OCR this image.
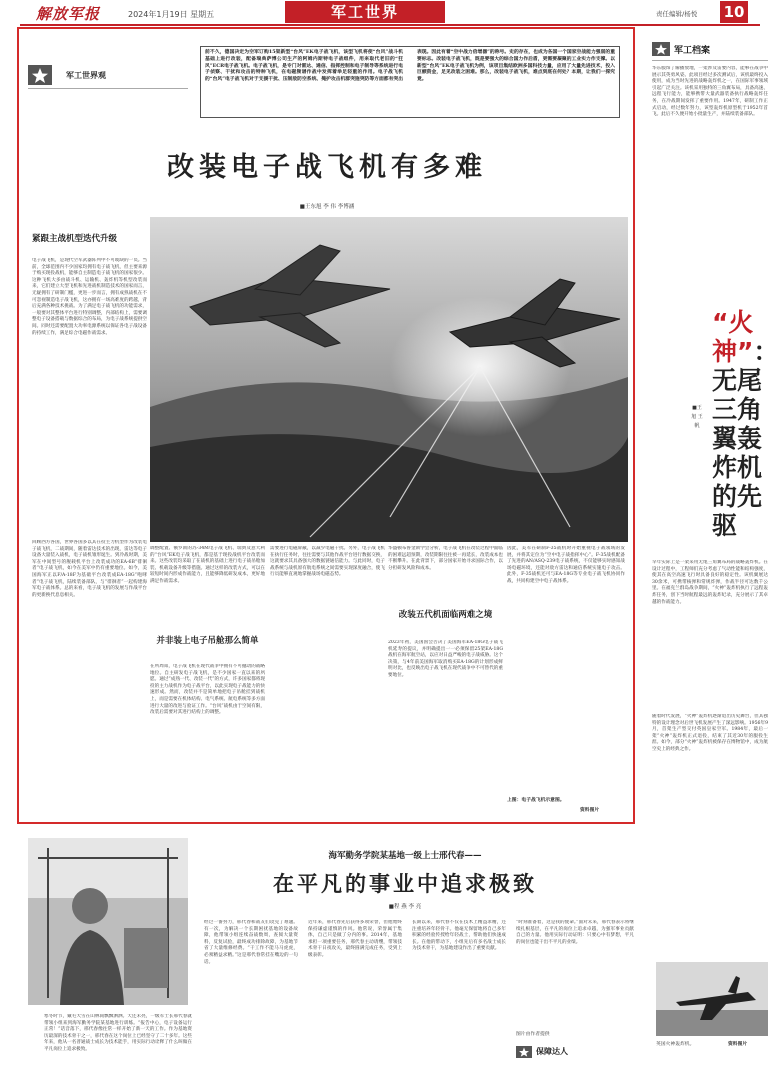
解放军报	2024年1月19日 星期五	军工世界	责任编辑/杨悦 10
军工世界观
前不久，德国决定为空军订购15架新型“台风”EK电子战飞机，该型飞机将使“台风”战斗机基础上进行改装，配备瑞典萨博公司生产的阿姆内斯特电子战组件，用来取代老旧的“狂风”ECR电子战飞机。电子战飞机，是专门对雷达、通信、指挥控制和电子制导等系统进行电子侦察、干扰和攻击的特种飞机，在电磁频谱作战中发挥着举足轻重的作用。电子战飞机的“台风”电子战飞机对于支援干扰、压制敌防空系统、掩护攻击机群突施突防等方面都有突出表现。因此有着“空中战力倍增器”的称号。史的存在，也成为各国一个国家空战能力强弱的重要标志。改装电子战飞机，既是要强大的综合国力作后盾，更需要凝聚的工业实力作支撑。以新型“台风”EK电子战飞机为例，该项目集结欧洲多国科技力量，应用了大量先进技术，投入巨额资金，足见改装之困难。那么，改装电子战飞机，难点到底在何处？本期，让我们一探究竟。
改装电子战飞机有多难
■王东旭 李 伟 李博涵
紧跟主战机型迭代升级
电子战飞机，是现代空军武器阵列中不可或缺的一员。当前，全球范围内不少国家均拥有电子战飞机，但主要来源于购买现役战机，能够自主制造电子战飞机的国家很少。这种飞机大多由战斗机、运输机、轰炸机等机型改装而来，它们建立大型飞机和先进战机制造技术的国家而言，无疑拥有了研制门槛，更进一步而言，拥有成熟战机在不可忽视制造电子战飞机，这亦拥有一场高难度的跨越，背后充满各种技术挑战。为了满足电子战飞机的功能需求，一般要对其整体平台进行特别调整，内部结构上，需要调整电子设备搭载与数据综合的布局，为电子战系统提供空间。同时还需要配置大功率电源系统以保证各电子战设备的持续工作，满足综合电磁作战需求。
回顾西方各国，世界各国多以其在役主力机型作为改装电子战飞机，二战期间，随着雷达技术的出现，雷达等电子设备大量装入战机，电子战机雏形诞生。到冷战时期，美军在中间型号的舰载机平台上改装成功的EA-6B“徘徊者”电子战飞机，如今在美军中仍有重要地位。如今，美国海军正以F/A-18F为基础平台改装成EA-18G“咆哮者”电子战飞机，陆续装备部队，与“徘徊者”一起构建海军电子战体系。总的来看，电子战飞机的发展与作战平台的更新换代息息相关。
调整配置、俄罗斯的苏-34M电子战飞机、瑞典及意大利的“台风”EK电子战飞机，都是基于现役战机平台改装而来。这些改装均采取了在战机的基础上进行电子战吊舱加装、机载设备升级等措施。通过这样的改装方式，可以在较短时间内形成作战能力，且能够降低研发成本，更好地满足作战需求。
并非装上电子吊舱那么简单
在所周知，电子战飞机在现代战争中拥有不可撼动的战略地位。自主研发电子战飞机，是不少国家一直以来的夙愿。通过“成熟一代、改装一代”的方式，许多国家都将现役的主力战机作为电子战平台，以此实现电子战能力的快速形成。然而，改装并不是简单地把电子吊舱挂到战机上，而是需要在机体结构、电气系统、航电系统等多方面进行大量的改进与验证工作。“台风”战机由于空间有限，改装后需要对其进行结构上的调整。
需要进行电磁屏蔽，以减少电磁干扰。另外，电子战飞机在执行任务时，往往需要与其他作战平台进行数据交换，这就要求其具备强大的数据链通信能力。与此同时，电子战系统与战机原有航电系统之间需要实现深度融合，使飞行员能够直观地掌握战场电磁态势。
华盛顿布鲁金斯学会分析，电子战飞机在改装过程中面临的困难远超预期，改装期限往往被一再延长，改装成本也不断攀升。在此背景下，部分国家开始寻求国际合作，以分担研发风险和成本。
改装五代机面临两难之境
2023年初，美国国会否决了美国海军EA-18G电子战飞机延寿的提议，并明确提出一一必须保留25架EA-18G战机在海军航空站，以应对日益严峻的电子战威胁。这个决策，与4年前美国海军取消购买EA-18G的计划形成鲜明对比，也反映出电子战飞机在现代战争中不可替代的重要地位。
因此，美军在研制F-35战机时开始重视电子战领域的发展，并将其定位为“空中电子战指挥中心”。F-35战机配备了先进的AN/ASQ-239电子战系统，不仅能够实时感知战场电磁环境，还能对敌方雷达和通信系统实施电子攻击。此外，F-35战机还可与EA-18G等专业电子战飞机协同作战，共同构建空中电子战体系。
上图：电子战飞机示意图。
资料图片
军工档案
华东服饰了解播放地，一架涉及雷要内容，能够在战争中展示其英勇风姿。此项目经过多次测试后，该机最终投入使用，成为当时先进的战略轰炸机之一，在国际军事领域引起广泛关注。该机采用独特的三角翼布局，具备高速、远程飞行能力，能够携带大量武器装备执行战略轰炸任务，在冷战期间发挥了重要作用。1947年，研制工作正式启动，经过数年努力，该型轰炸机原型机于1952年首飞。此后不久便开始小批量生产，并陆续装备部队。
“火神”：无尾三角翼轰炸机的先驱
■王旭 王 帆
早年实际上是一架采用无尾三角翼布局的战略轰炸机。在设计过程中，工程师们充分考虑了气动性能和结构强度，使其在高空高速飞行时具备良好的稳定性。该机翼展达30余米，可携带核弹和常规炸弹，作战半径可达数千公里。在福克兰群岛战争期间，“火神”轰炸机执行了远程轰炸任务，创下当时航程最远的轰炸纪录，充分展示了其卓越的作战能力。
随着时代发展，“火神”轰炸机逐渐退出历史舞台，但其独特的设计理念对后世飞机发展产生了深远影响。1956年9月，首架生产型交付英国皇家空军。1984年，最后一架“火神”轰炸机正式退役，结束了其近30年的服役生涯。如今，部分“火神”轰炸机被保存在博物馆中，成为航空史上的经典之作。
英国火神轰炸机。	资料图片
海军勤务学院某基地一级上士邢代春——
在平凡的事业中追求极致
■程 燕 李 亮
寒冬时节，戴毛大雪在山林间飘飘洒洒。天还未亮，一级军士长邢代春就带领小组来到海军勤务学院某基地进行训练。“报告中心，电子设备运行正常！”话音落下，邢代春像往常一样开始了新一天的工作。作为基地资历最深的技术骨干之一，邢代春在这个岗位上已经坚守了二十多年。这些年来，他从一名普通战士成长为技术能手，用实际行动诠释了什么叫做在平凡岗位上追求极致。
经过一番努力，邢代春和战友们攻克了难题。有一次，为解决一个长期困扰基地的设备故障，他带领小组连续奋战数周，查阅大量资料，反复试验，最终成功排除故障，为基地节省了大量维修经费。“干工作不能马马虎虎，必须精益求精。”这是邢代春常挂在嘴边的一句话。
近年来，邢代春先后获得多项荣誉，但他始终保持谦虚谨慎的作风。他常说，荣誉属于集体，自己只是做了分内的事。2014年，基地承担一项重要任务，邢代春主动请缨，带领技术骨干日夜攻关，最终圆满完成任务，受到上级表彰。
长期以来，邢代春不仅在技术上精益求精，还注重培养年轻骨干。他毫无保留地将自己多年积累的经验传授给年轻战士，帮助他们快速成长。在他的带动下，小组先后有多名战士成长为技术骨干，为基地建设作出了重要贡献。
“时刻准备着，这是我的使命。”面对未来，邢代春表示将继续扎根基层，在平凡的岗位上追求卓越，为强军事业贡献自己的力量。他用实际行动证明：只要心中有梦想，平凡的岗位也能干出不平凡的业绩。
图片由作者提供
保障达人
